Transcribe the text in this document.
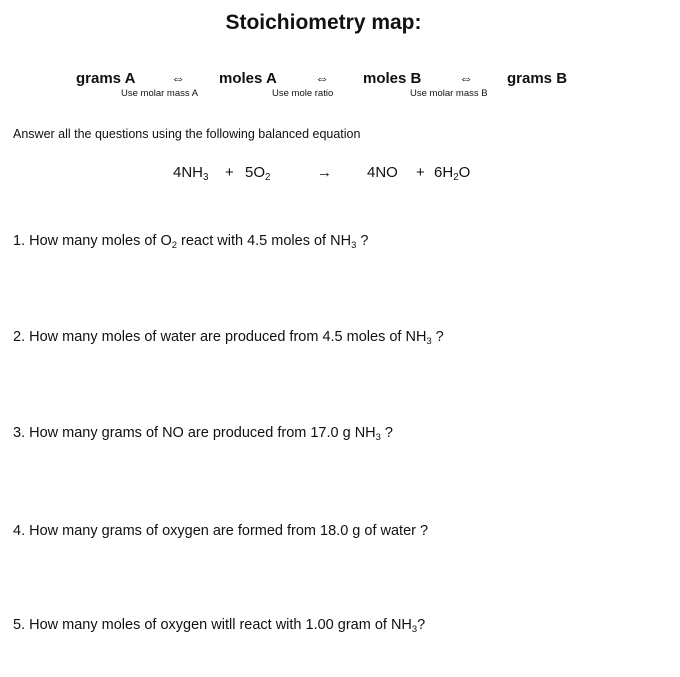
Stoichiometry map:
grams A	⇔ moles A	⇔ moles B	⇔ grams B
Use molar mass A	Use mole ratio	Use molar mass B
Answer all the questions using the following balanced equation
$4NH_3 + 5O_2$	→ $4NO + 6H_2O$
1. How many moles of $O_2$ react with 4.5 moles of $NH_3$ ?
2. How many moles of water are produced from 4.5 moles of $NH_3$ ?
3. How many grams of NO are produced from 17.0 g $NH_3$ ?
4. How many grams of oxygen are formed from 18.0 g of water ?
5. How many moles of oxygen witll react with 1.00 gram of $NH_3$?
